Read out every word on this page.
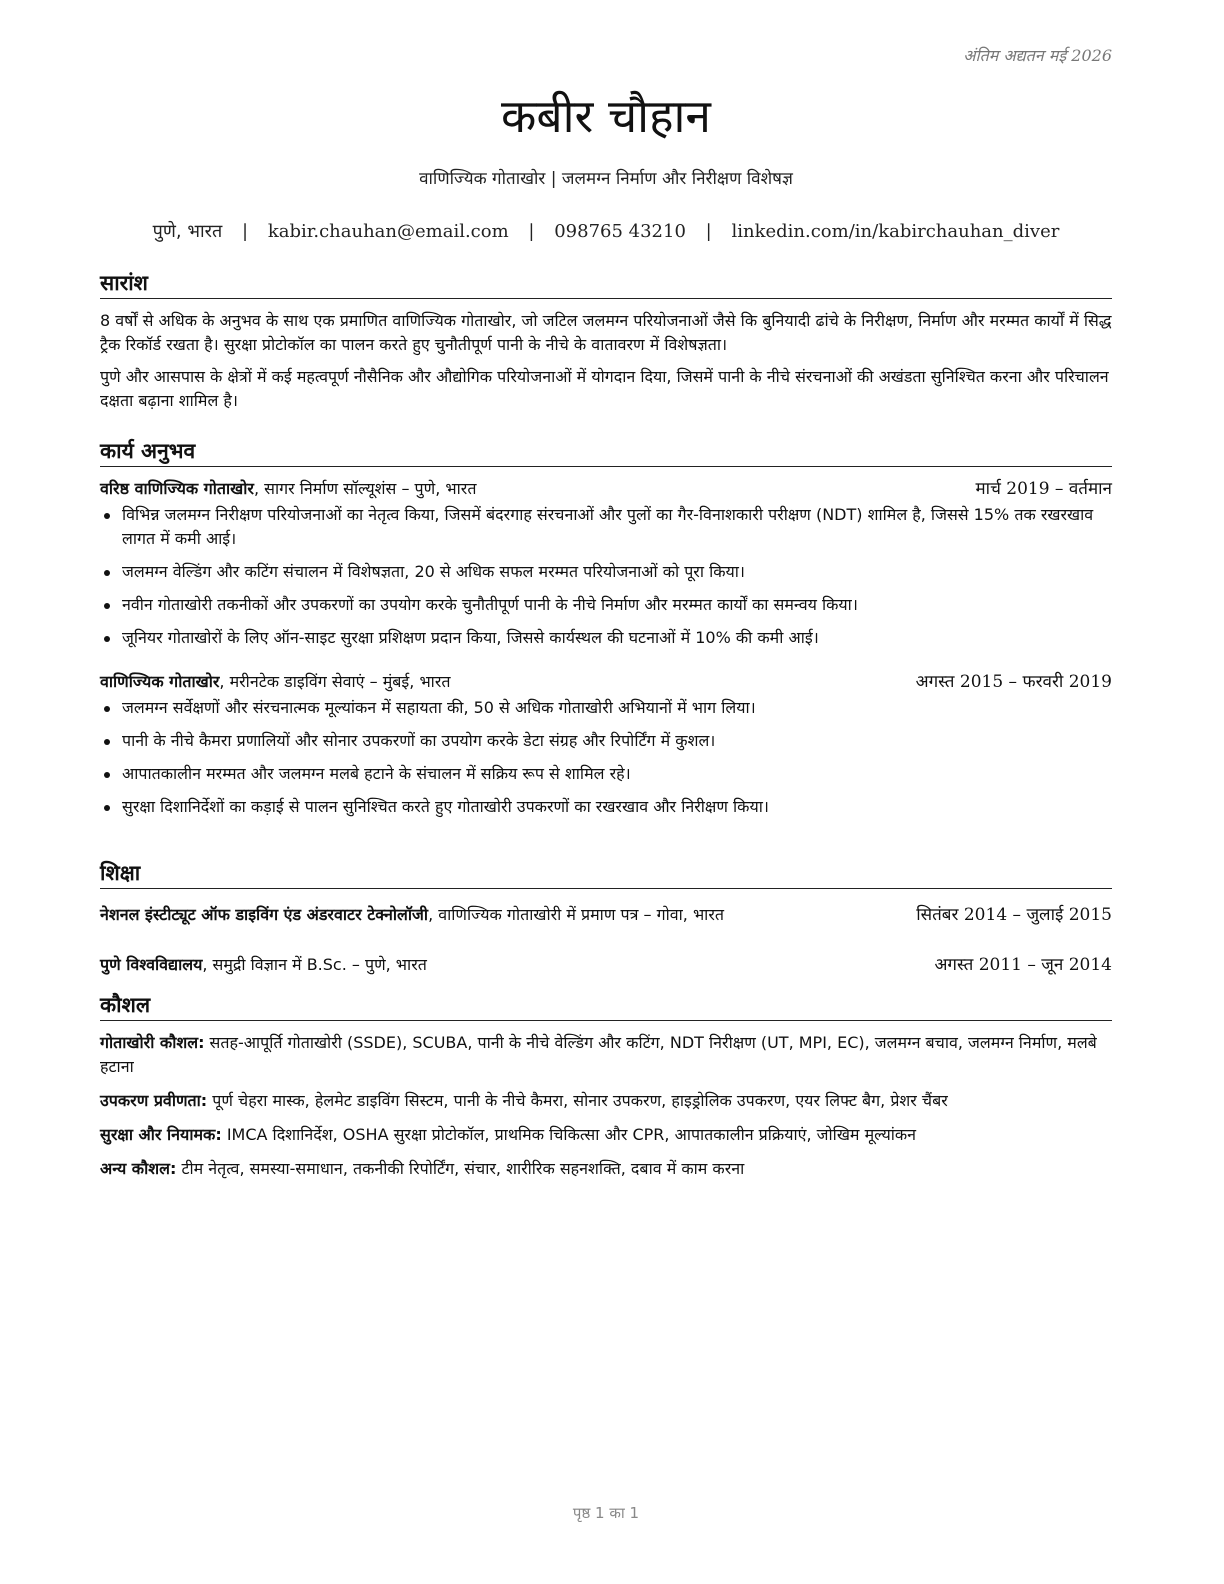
अंतिम अद्यतन मई 2026
कबीर चौहान
वाणिज्यिक गोताखोर | जलमग्न निर्माण और निरीक्षण विशेषज्ञ
पुणे, भारत | kabir.chauhan@email.com | 098765 43210 | linkedin.com/in/kabirchauhan_diver
सारांश

8 वर्षों से अधिक के अनुभव के साथ एक प्रमाणित वाणिज्यिक गोताखोर, जो जटिल जलमग्न परियोजनाओं जैसे कि बुनियादी ढांचे के निरीक्षण, निर्माण और मरम्मत कार्यों में सिद्ध ट्रैक रिकॉर्ड रखता है। सुरक्षा प्रोटोकॉल का पालन करते हुए चुनौतीपूर्ण पानी के नीचे के वातावरण में विशेषज्ञता।

पुणे और आसपास के क्षेत्रों में कई महत्वपूर्ण नौसैनिक और औद्योगिक परियोजनाओं में योगदान दिया, जिसमें पानी के नीचे संरचनाओं की अखंडता सुनिश्चित करना और परिचालन दक्षता बढ़ाना शामिल है।

कार्य अनुभव
वरिष्ठ वाणिज्यिक गोताखोर, सागर निर्माण सॉल्यूशंस – पुणे, भारत	मार्च 2019 – वर्तमान
विभिन्न जलमग्न निरीक्षण परियोजनाओं का नेतृत्व किया, जिसमें बंदरगाह संरचनाओं और पुलों का गैर-विनाशकारी परीक्षण (NDT) शामिल है, जिससे 15% तक रखरखाव लागत में कमी आई।
जलमग्न वेल्डिंग और कटिंग संचालन में विशेषज्ञता, 20 से अधिक सफल मरम्मत परियोजनाओं को पूरा किया।
नवीन गोताखोरी तकनीकों और उपकरणों का उपयोग करके चुनौतीपूर्ण पानी के नीचे निर्माण और मरम्मत कार्यों का समन्वय किया।
जूनियर गोताखोरों के लिए ऑन-साइट सुरक्षा प्रशिक्षण प्रदान किया, जिससे कार्यस्थल की घटनाओं में 10% की कमी आई।
वाणिज्यिक गोताखोर, मरीनटेक डाइविंग सेवाएं – मुंबई, भारत	अगस्त 2015 – फरवरी 2019
जलमग्न सर्वेक्षणों और संरचनात्मक मूल्यांकन में सहायता की, 50 से अधिक गोताखोरी अभियानों में भाग लिया।
पानी के नीचे कैमरा प्रणालियों और सोनार उपकरणों का उपयोग करके डेटा संग्रह और रिपोर्टिंग में कुशल।
आपातकालीन मरम्मत और जलमग्न मलबे हटाने के संचालन में सक्रिय रूप से शामिल रहे।
सुरक्षा दिशानिर्देशों का कड़ाई से पालन सुनिश्चित करते हुए गोताखोरी उपकरणों का रखरखाव और निरीक्षण किया।
शिक्षा
नेशनल इंस्टीट्यूट ऑफ डाइविंग एंड अंडरवाटर टेक्नोलॉजी, वाणिज्यिक गोताखोरी में प्रमाण पत्र – गोवा, भारत	सितंबर 2014 – जुलाई 2015
पुणे विश्वविद्यालय, समुद्री विज्ञान में B.Sc. – पुणे, भारत	अगस्त 2011 – जून 2014
कौशल
गोताखोरी कौशल: सतह-आपूर्ति गोताखोरी (SSDE), SCUBA, पानी के नीचे वेल्डिंग और कटिंग, NDT निरीक्षण (UT, MPI, EC), जलमग्न बचाव, जलमग्न निर्माण, मलबे हटाना
उपकरण प्रवीणता: पूर्ण चेहरा मास्क, हेलमेट डाइविंग सिस्टम, पानी के नीचे कैमरा, सोनार उपकरण, हाइड्रोलिक उपकरण, एयर लिफ्ट बैग, प्रेशर चैंबर
सुरक्षा और नियामक: IMCA दिशानिर्देश, OSHA सुरक्षा प्रोटोकॉल, प्राथमिक चिकित्सा और CPR, आपातकालीन प्रक्रियाएं, जोखिम मूल्यांकन
अन्य कौशल: टीम नेतृत्व, समस्या-समाधान, तकनीकी रिपोर्टिंग, संचार, शारीरिक सहनशक्ति, दबाव में काम करना
पृष्ठ 1 का 1
